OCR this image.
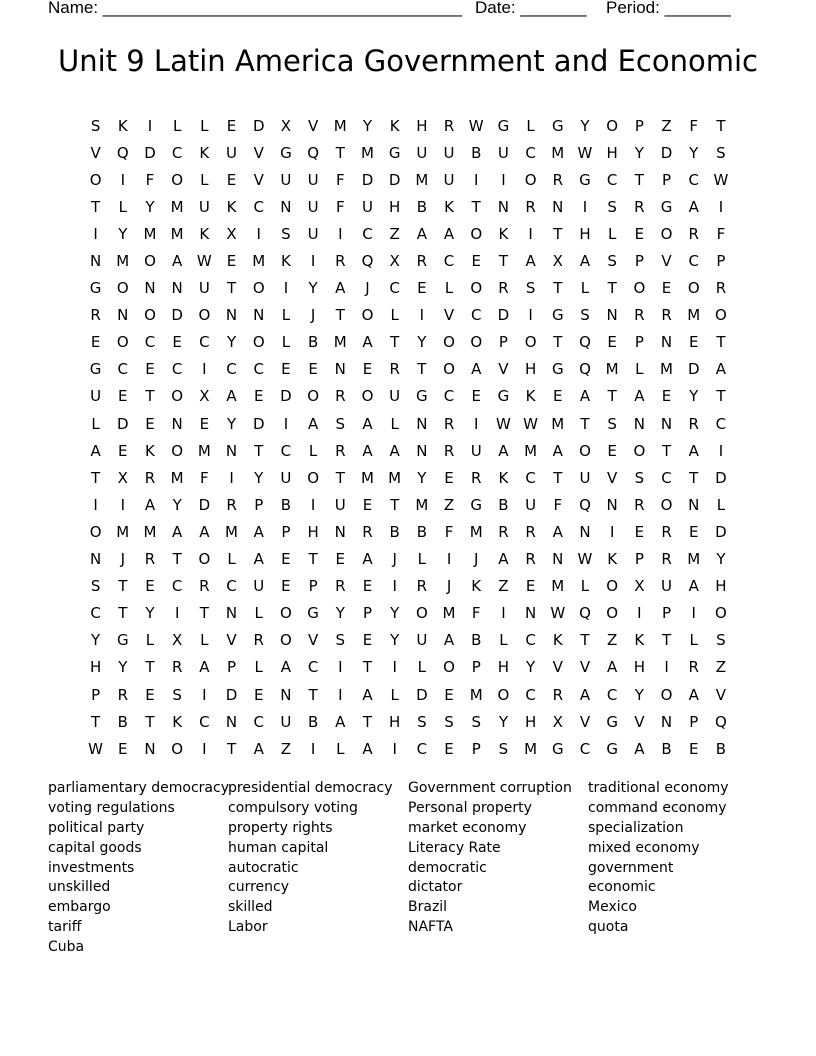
Name: ______________________________________ Date: _______ Period: _______
Unit 9 Latin America Government and Economic
S	K	I	L	L	E	D	X	V	M	Y	K	H	R W G	L	G	Y	O	P	Z	F	T
V	Q	D	C	K	U	V	G	Q	T	M G	U	U	B	U	C	M W H	Y	D	Y	S
O	I	F	O	L	E	V	U	U	F	D	D M	U	I	I	O	R	G	C	T	P	C W
T	L	Y	M	U	K	C	N	U	F	U	H	B	K	T	N	R	N	I	S	R	G	A	I
I	Y	M M	K	X	I	S	U	I	C	Z	A	A	O	K	I	T	H	L	E	O	R	F
N	M O	A W	E	M	K	I	R	Q	X	R	C	E	T	A	X	A	S	P	V	C	P
G	O	N	N	U	T	O	I	Y	A	J	C	E	L	O	R	S	T	L	T	O	E	O	R
R	N	O	D	O	N	N	L	J	T	O	L	I	V	C	D	I	G	S	N	R	R	M O
E	O	C	E	C	Y	O	L	B	M	A	T	Y	O	O	P	O	T	Q	E	P	N	E	T
G	C	E	C	I	C	C	E	E	N	E	R	T	O	A	V	H	G	Q M	L	M D	A
U	E	T	O	X	A	E	D	O	R	O	U	G	C	E	G	K	E	A	T	A	E	Y	T
L	D	E	N	E	Y	D	I	A	S	A	L	N	R	I	W W M	T	S	N	N	R	C
A	E	K	O M	N	T	C	L	R	A	A	N	R	U	A	M	A	O	E	O	T	A	I
T	X	R	M	F	I	Y	U	O	T	M M	Y	E	R	K	C	T	U	V	S	C	T	D
I	I	A	Y	D	R	P	B	I	U	E	T	M	Z	G	B	U	F	Q	N	R	O	N	L
O M M	A	A	M	A	P	H	N	R	B	B	F	M	R	R	A	N	I	E	R	E	D
N	J	R	T	O	L	A	E	T	E	A	J	L	I	J	A	R	N W K	P	R	M	Y
S	T	E	C	R	C	U	E	P	R	E	I	R	J	K	Z	E	M	L	O	X	U	A	H
C	T	Y	I	T	N	L	O	G	Y	P	Y	O M	F	I	N W Q	O	I	P	I	O
Y	G	L	X	L	V	R	O	V	S	E	Y	U	A	B	L	C	K	T	Z	K	T	L	S
H	Y	T	R	A	P	L	A	C	I	T	I	L	O	P	H	Y	V	V	A	H	I	R	Z
P	R	E	S	I	D	E	N	T	I	A	L	D	E	M O	C	R	A	C	Y	O	A	V
T	B	T	K	C	N	C	U	B	A	T	H	S	S	S	Y	H	X	V	G	V	N	P	Q
W	E	N	O	I	T	A	Z	I	L	A	I	C	E	P	S	M G	C	G	A	B	E	B
parliamentary democracy
voting regulations
political party
capital goods
investments
unskilled
embargo
tariff
Cuba
presidential democracy
compulsory voting
property rights
human capital
autocratic
currency
skilled
Labor
Government corruption
Personal property
market economy
Literacy Rate
democratic
dictator
Brazil
NAFTA
traditional economy
command economy
specialization
mixed economy
government
economic
Mexico
quota
